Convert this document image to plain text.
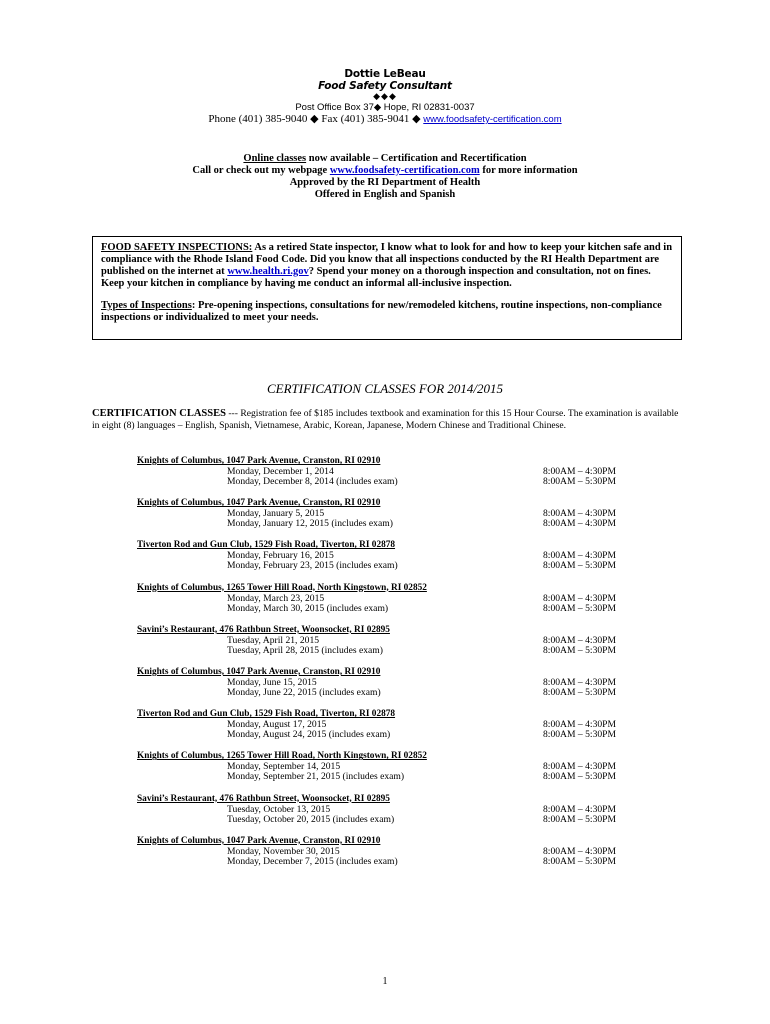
Dottie LeBeau
Food Safety Consultant
◆◆◆
Post Office Box 37◆ Hope, RI 02831-0037
Phone (401) 385-9040 ◆ Fax (401) 385-9041 ◆ www.foodsafety-certification.com
Online classes now available – Certification and Recertification
Call or check out my webpage www.foodsafety-certification.com for more information
Approved by the RI Department of Health
Offered in English and Spanish

FOOD SAFETY INSPECTIONS: As a retired State inspector, I know what to look for and how to keep your kitchen safe and in compliance with the Rhode Island Food Code. Did you know that all inspections conducted by the RI Health Department are published on the internet at www.health.ri.gov? Spend your money on a thorough inspection and consultation, not on fines. Keep your kitchen in compliance by having me conduct an informal all-inclusive inspection.

Types of Inspections: Pre-opening inspections, consultations for new/remodeled kitchens, routine inspections, non-compliance inspections or individualized to meet your needs.

CERTIFICATION CLASSES FOR 2014/2015
CERTIFICATION CLASSES --- Registration fee of $185 includes textbook and examination for this 15 Hour Course. The examination is available in eight (8) languages – English, Spanish, Vietnamese, Arabic, Korean, Japanese, Modern Chinese and Traditional Chinese.
Knights of Columbus, 1047 Park Avenue, Cranston, RI 02910
Monday, December 1, 2014	8:00AM – 4:30PM
Monday, December 8, 2014 (includes exam)	8:00AM – 5:30PM
Knights of Columbus, 1047 Park Avenue, Cranston, RI 02910
Monday, January 5, 2015	8:00AM – 4:30PM
Monday, January 12, 2015 (includes exam)	8:00AM – 4:30PM
Tiverton Rod and Gun Club, 1529 Fish Road, Tiverton, RI 02878
Monday, February 16, 2015	8:00AM – 4:30PM
Monday, February 23, 2015 (includes exam)	8:00AM – 5:30PM
Knights of Columbus, 1265 Tower Hill Road, North Kingstown, RI 02852
Monday, March 23, 2015	8:00AM – 4:30PM
Monday, March 30, 2015 (includes exam)	8:00AM – 5:30PM
Savini’s Restaurant, 476 Rathbun Street, Woonsocket, RI 02895
Tuesday, April 21, 2015	8:00AM – 4:30PM
Tuesday, April 28, 2015 (includes exam)	8:00AM – 5:30PM
Knights of Columbus, 1047 Park Avenue, Cranston, RI 02910
Monday, June 15, 2015	8:00AM – 4:30PM
Monday, June 22, 2015 (includes exam)	8:00AM – 5:30PM
Tiverton Rod and Gun Club, 1529 Fish Road, Tiverton, RI 02878
Monday, August 17, 2015	8:00AM – 4:30PM
Monday, August 24, 2015 (includes exam)	8:00AM – 5:30PM
Knights of Columbus, 1265 Tower Hill Road, North Kingstown, RI 02852
Monday, September 14, 2015	8:00AM – 4:30PM
Monday, September 21, 2015 (includes exam)	8:00AM – 5:30PM
Savini’s Restaurant, 476 Rathbun Street, Woonsocket, RI 02895
Tuesday, October 13, 2015	8:00AM – 4:30PM
Tuesday, October 20, 2015 (includes exam)	8:00AM – 5:30PM
Knights of Columbus, 1047 Park Avenue, Cranston, RI 02910
Monday, November 30, 2015	8:00AM – 4:30PM
Monday, December 7, 2015 (includes exam)	8:00AM – 5:30PM
1
